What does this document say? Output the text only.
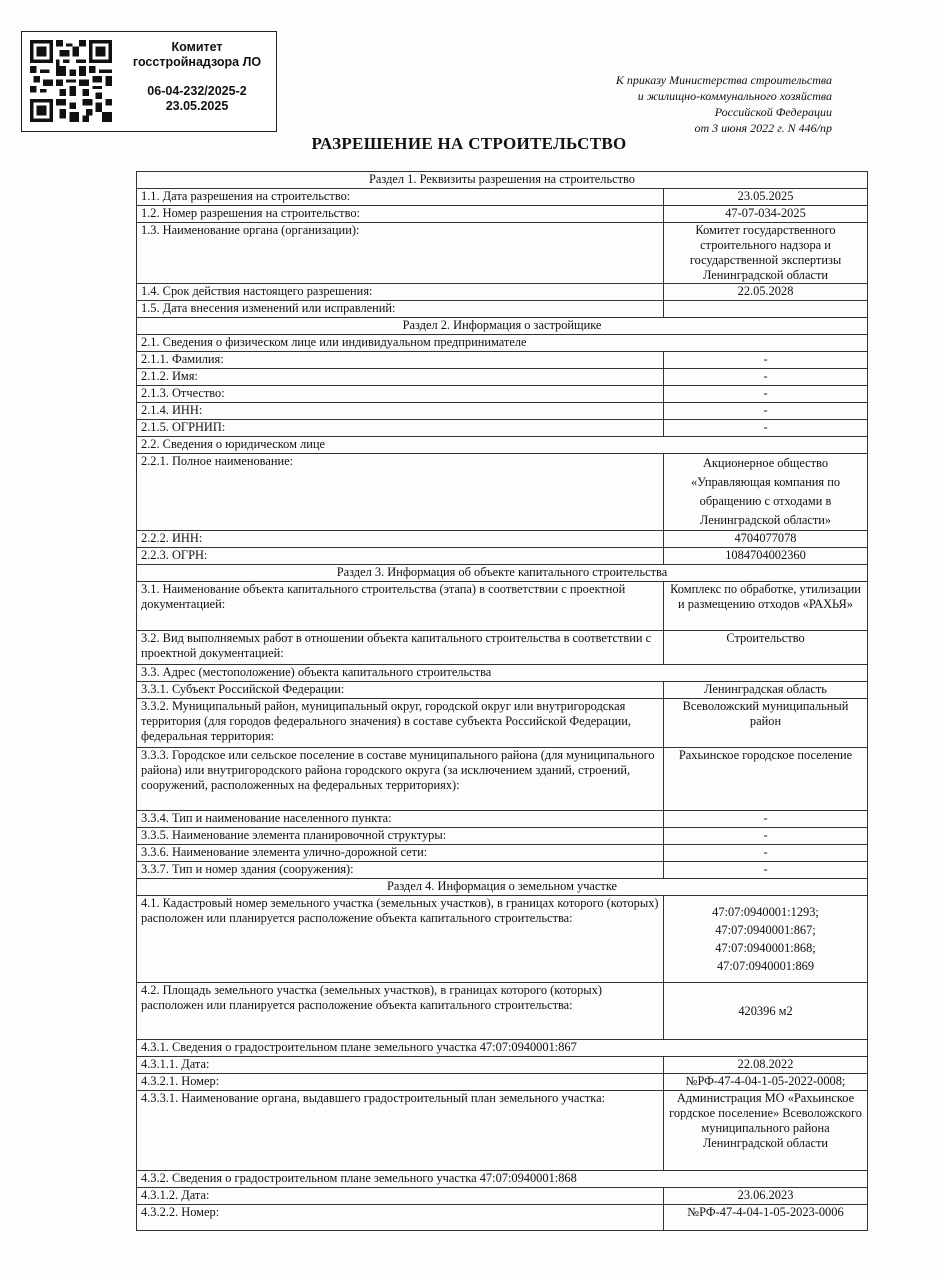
Комитет
госстройнадзора ЛО
06-04-232/2025-2
23.05.2025
К приказу Министерства строительства
и жилищно-коммунального хозяйства
Российской Федерации
от 3 июня 2022 г. N 446/пр
РАЗРЕШЕНИЕ НА СТРОИТЕЛЬСТВО
Раздел 1. Реквизиты разрешения на строительство	
1.1. Дата разрешения на строительство:	23.05.2025
1.2. Номер разрешения на строительство:	47-07-034-2025
1.3. Наименование органа (организации):	Комитет государственного строительного надзора и государственной экспертизы Ленинградской области
1.4. Срок действия настоящего разрешения:	22.05.2028
1.5. Дата внесения изменений или исправлений:	
Раздел 2. Информация о застройщике	
2.1. Сведения о физическом лице или индивидуальном предпринимателе	
2.1.1. Фамилия:	-
2.1.2. Имя:	-
2.1.3. Отчество:	-
2.1.4. ИНН:	-
2.1.5. ОГРНИП:	-
2.2. Сведения о юридическом лице	
2.2.1. Полное наименование:	Акционерное общество «Управляющая компания по обращению с отходами в Ленинградской области»
2.2.2. ИНН:	4704077078
2.2.3. ОГРН:	1084704002360
Раздел 3. Информация об объекте капитального строительства	
3.1. Наименование объекта капитального строительства (этапа) в соответствии с проектной документацией:	Комплекс по обработке, утилизации и размещению отходов «РАХЬЯ»
3.2. Вид выполняемых работ в отношении объекта капитального строительства в соответствии с проектной документацией:	Строительство
3.3. Адрес (местоположение) объекта капитального строительства	
3.3.1. Субъект Российской Федерации:	Ленинградская область
3.3.2. Муниципальный район, муниципальный округ, городской округ или внутригородская территория (для городов федерального значения) в составе субъекта Российской Федерации, федеральная территория:	Всеволожский муниципальный район
3.3.3. Городское или сельское поселение в составе муниципального района (для муниципального района) или внутригородского района городского округа (за исключением зданий, строений, сооружений, расположенных на федеральных территориях):	Рахьинское городское поселение
3.3.4. Тип и наименование населенного пункта:	-
3.3.5. Наименование элемента планировочной структуры:	-
3.3.6. Наименование элемента улично-дорожной сети:	-
3.3.7. Тип и номер здания (сооружения):	-
Раздел 4. Информация о земельном участке	
4.1. Кадастровый номер земельного участка (земельных участков), в границах которого (которых) расположен или планируется расположение объекта капитального строительства:	47:07:0940001:1293; 47:07:0940001:867; 47:07:0940001:868; 47:07:0940001:869
4.2. Площадь земельного участка (земельных участков), в границах которого (которых) расположен или планируется расположение объекта капитального строительства:	420396 м2
4.3.1. Сведения о градостроительном плане земельного участка 47:07:0940001:867	
4.3.1.1. Дата:	22.08.2022
4.3.2.1. Номер:	№РФ-47-4-04-1-05-2022-0008;
4.3.3.1. Наименование органа, выдавшего градостроительный план земельного участка:	Администрация МО «Рахьинское гордское поселение» Всеволожского муниципального района Ленинградской области
4.3.2. Сведения о градостроительном плане земельного участка 47:07:0940001:868	
4.3.1.2. Дата:	23.06.2023
4.3.2.2. Номер:	№РФ-47-4-04-1-05-2023-0006
